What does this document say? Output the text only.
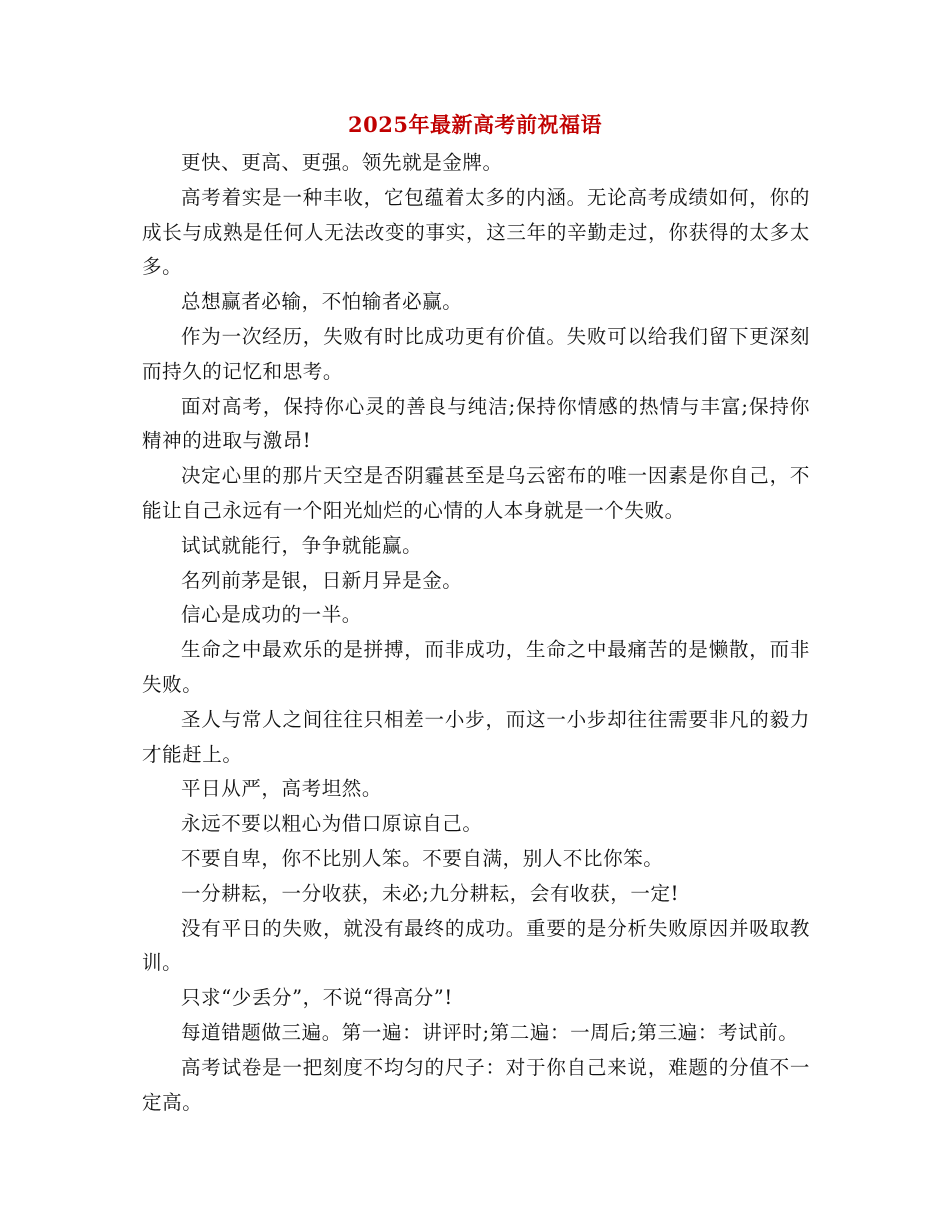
2025年最新高考前祝福语

更快、更高、更强。领先就是金牌。

高考着实是一种丰收，它包蕴着太多的内涵。无论高考成绩如何，你的成长与成熟是任何人无法改变的事实，这三年的辛勤走过，你获得的太多太多。

总想赢者必输，不怕输者必赢。

作为一次经历，失败有时比成功更有价值。失败可以给我们留下更深刻而持久的记忆和思考。

面对高考，保持你心灵的善良与纯洁;保持你情感的热情与丰富;保持你精神的进取与激昂!

决定心里的那片天空是否阴霾甚至是乌云密布的唯一因素是你自己，不能让自己永远有一个阳光灿烂的心情的人本身就是一个失败。

试试就能行，争争就能赢。

名列前茅是银，日新月异是金。

信心是成功的一半。

生命之中最欢乐的是拼搏，而非成功，生命之中最痛苦的是懒散，而非失败。

圣人与常人之间往往只相差一小步，而这一小步却往往需要非凡的毅力才能赶上。

平日从严，高考坦然。

永远不要以粗心为借口原谅自己。

不要自卑，你不比别人笨。不要自满，别人不比你笨。

一分耕耘，一分收获，未必;九分耕耘，会有收获，一定!

没有平日的失败，就没有最终的成功。重要的是分析失败原因并吸取教训。

只求“少丢分”，不说“得高分”!

每道错题做三遍。第一遍：讲评时;第二遍：一周后;第三遍：考试前。

高考试卷是一把刻度不均匀的尺子：对于你自己来说，难题的分值不一定高。
